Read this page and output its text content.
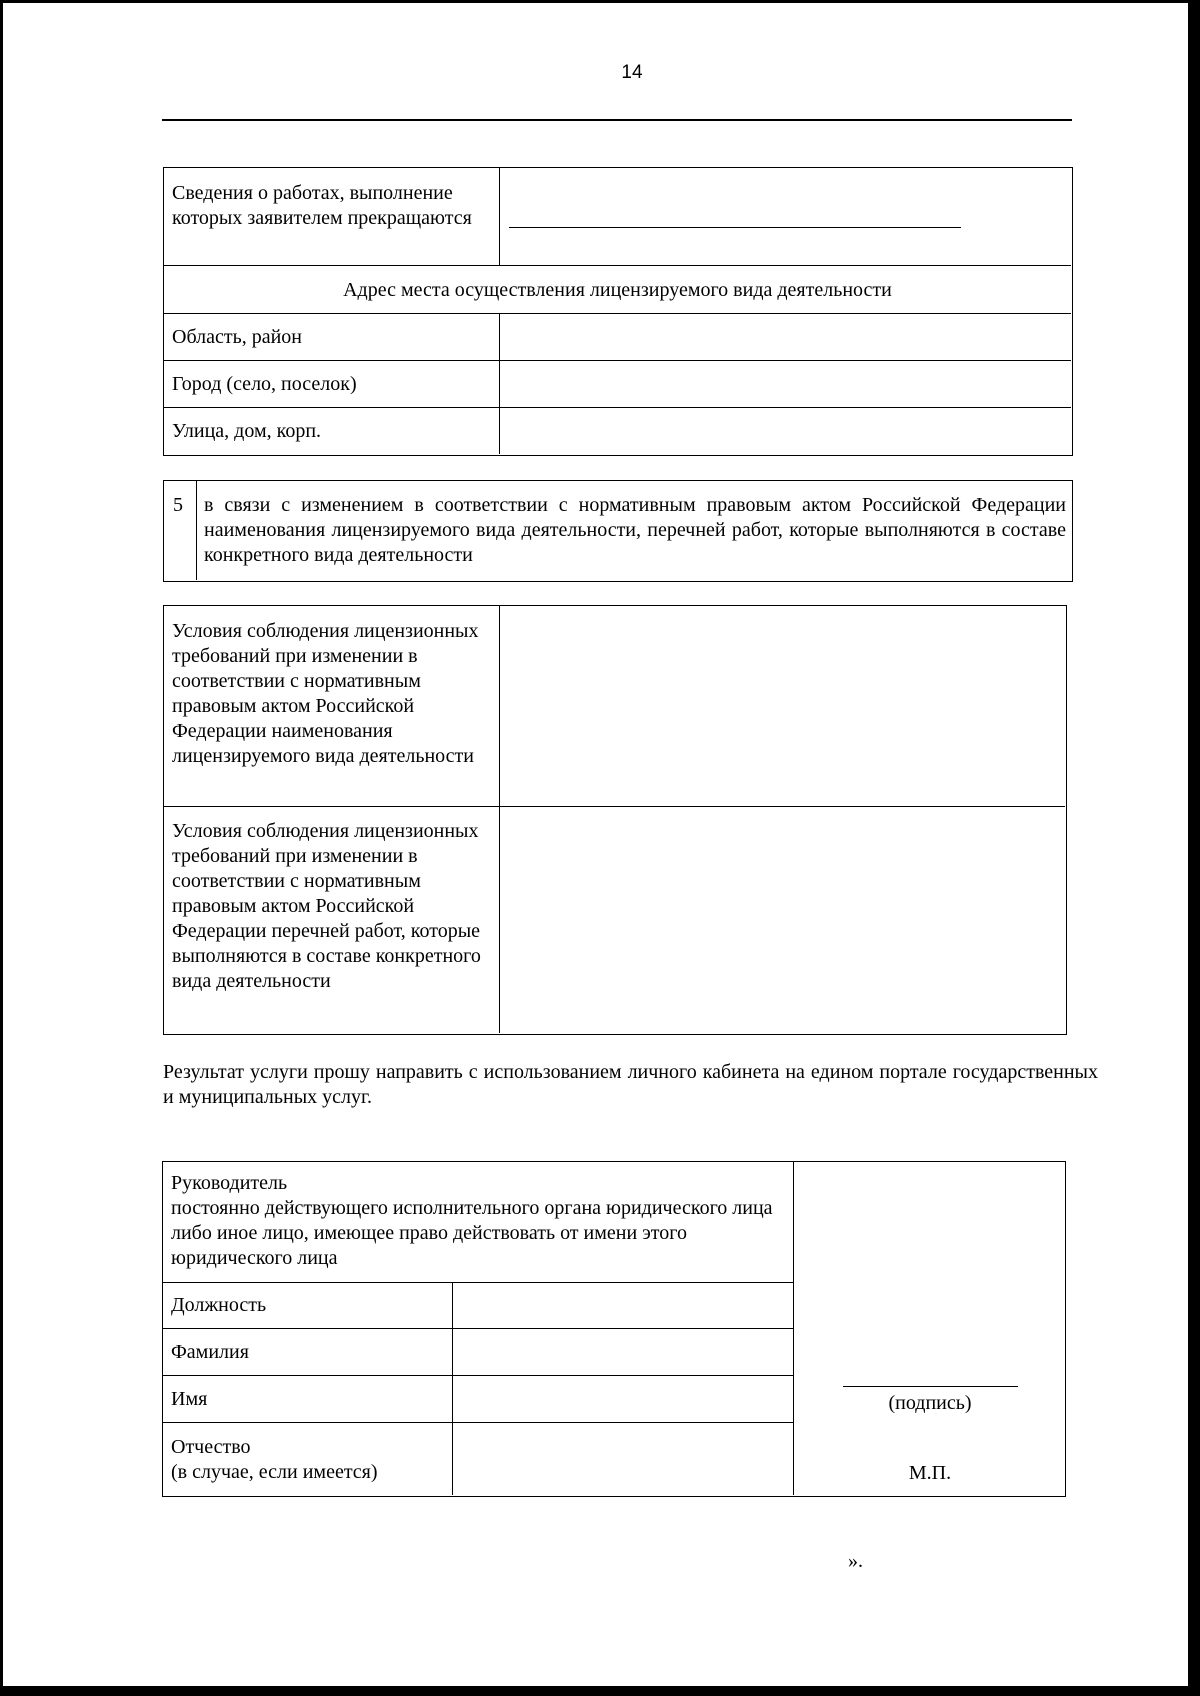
14
Сведения о работах, выполнение которых заявителем прекращаются
Адрес места осуществления лицензируемого вида деятельности
Область, район
Город (село, поселок)
Улица, дом, корп.
5	в связи с изменением в соответствии с нормативным правовым актом Российской Федерации наименования лицензируемого вида деятельности, перечней работ, которые выполняются в составе конкретного вида деятельности
Условия соблюдения лицензионных требований при изменении в соответствии с нормативным правовым актом Российской Федерации наименования лицензируемого вида деятельности
Условия соблюдения лицензионных требований при изменении в соответствии с нормативным правовым актом Российской Федерации перечней работ, которые выполняются в составе конкретного вида деятельности
Результат услуги прошу направить с использованием личного кабинета на едином портале государственных и муниципальных услуг.
Руководитель
постоянно действующего исполнительного органа юридического лица либо иное лицо, имеющее право действовать от имени этого юридического лица
Должность
Фамилия
Имя
Отчество
(в случае, если имеется)
(подпись)
М.П.
».
